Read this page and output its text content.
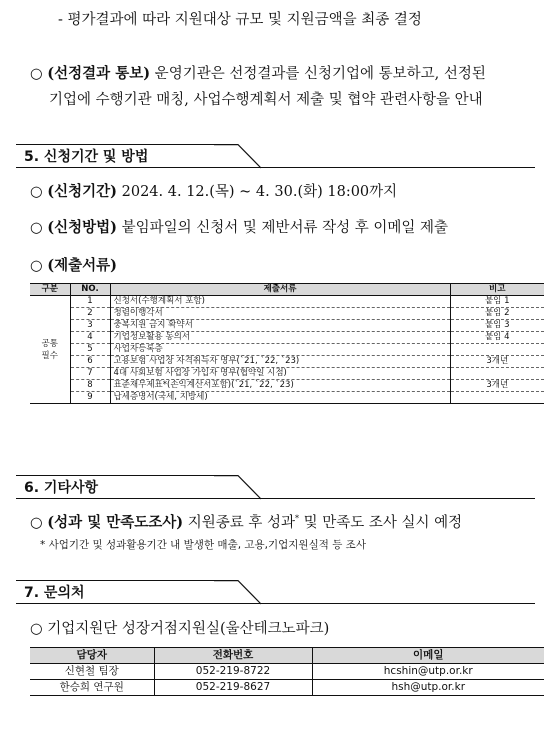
- 평가결과에 따라 지원대상 규모 및 지원금액을 최종 결정
○ (선정결과 통보) 운영기관은 선정결과를 신청기업에 통보하고, 선정된
기업에 수행기관 매칭, 사업수행계획서 제출 및 협약 관련사항을 안내
5. 신청기간 및 방법
○ (신청기간) 2024. 4. 12.(목) ~ 4. 30.(화) 18:00까지
○ (신청방법) 붙임파일의 신청서 및 제반서류 작성 후 이메일 제출
○ (제출서류)
구분	NO.	제출서류	비고
공통
필수	1	신청서(수행계획서 포함)	붙임 1
	2	청렴이행각서	붙임 2
	3	중복지원 금지 확약서	붙임 3
	4	기업정보활용 동의서	붙임 4
	5	사업자등록증	
	6	고용보험 사업장 자격취득자 명부(`21, `22, `23)	3개년
	7	4대 사회보험 사업장 가입자 명부(협약일 시점)	
	8	표준재무제표*(손익계산서포함)(`21, `22, `23)	3개년
	9	납세증명서(국세, 지방세)	
6. 기타사항
○ (성과 및 만족도조사) 지원종료 후 성과* 및 만족도 조사 실시 예정
* 사업기간 및 성과활용기간 내 발생한 매출, 고용,기업지원실적 등 조사
7. 문의처
○ 기업지원단 성장거점지원실(울산테크노파크)
담당자	전화번호	이메일
신현철 팀장	052-219-8722	hcshin@utp.or.kr
한승희 연구원	052-219-8627	hsh@utp.or.kr
